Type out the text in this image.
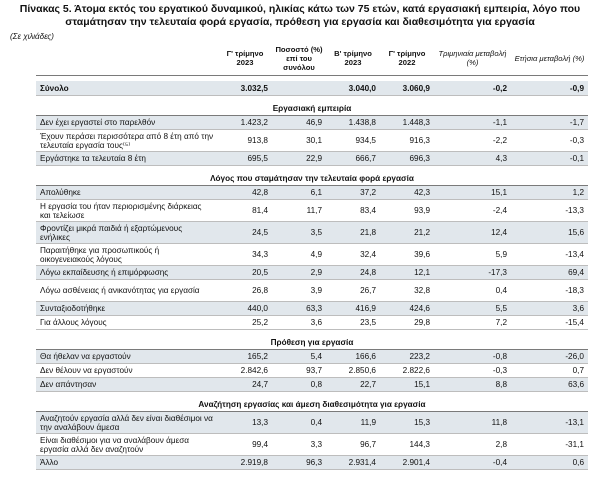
Πίνακας 5. Άτομα εκτός του εργατικού δυναμικού, ηλικίας κάτω των 75 ετών, κατά εργασιακή εμπειρία, λόγο που σταμάτησαν την τελευταία φορά εργασία, πρόθεση για εργασία και διαθεσιμότητα για εργασία
(Σε χιλιάδες)
	Γ' τρίμηνο 2023	Ποσοστό (%) επί του συνόλου	Β' τρίμηνο 2023	Γ' τρίμηνο 2022	Τριμηνιαία μεταβολή (%)	Ετήσια μεταβολή (%)

Σύνολο	3.032,5		3.040,0	3.060,9	-0,2	-0,9

Εργασιακή εμπειρία						
Δεν έχει εργαστεί στο παρελθόν	1.423,2	46,9	1.438,8	1.448,3	-1,1	-1,7
Έχουν περάσει περισσότερα από 8 έτη από την τελευταία εργασία τους⁽⁵⁾	913,8	30,1	934,5	916,3	-2,2	-0,3
Εργάστηκε τα τελευταία 8 έτη	695,5	22,9	666,7	696,3	4,3	-0,1

Λόγος που σταμάτησαν την τελευταία φορά εργασία						
Απολύθηκε	42,8	6,1	37,2	42,3	15,1	1,2
Η εργασία του ήταν περιορισμένης διάρκειας και τελείωσε	81,4	11,7	83,4	93,9	-2,4	-13,3
Φροντίζει μικρά παιδιά ή εξαρτώμενους ενήλικες	24,5	3,5	21,8	21,2	12,4	15,6
Παραιτήθηκε για προσωπικούς ή οικογενειακούς λόγους	34,3	4,9	32,4	39,6	5,9	-13,4
Λόγω εκπαίδευσης ή επιμόρφωσης	20,5	2,9	24,8	12,1	-17,3	69,4
Λόγω ασθένειας ή ανικανότητας για εργασία	26,8	3,9	26,7	32,8	0,4	-18,3
Συνταξιοδοτήθηκε	440,0	63,3	416,9	424,6	5,5	3,6
Για άλλους λόγους	25,2	3,6	23,5	29,8	7,2	-15,4

Πρόθεση για εργασία						
Θα ήθελαν να εργαστούν	165,2	5,4	166,6	223,2	-0,8	-26,0
Δεν θέλουν να εργαστούν	2.842,6	93,7	2.850,6	2.822,6	-0,3	0,7
Δεν απάντησαν	24,7	0,8	22,7	15,1	8,8	63,6

Αναζήτηση εργασίας και άμεση διαθεσιμότητα για εργασία						
Αναζητούν εργασία αλλά δεν είναι διαθέσιμοι να την αναλάβουν άμεσα	13,3	0,4	11,9	15,3	11,8	-13,1
Είναι διαθέσιμοι για να αναλάβουν άμεσα εργασία αλλά δεν αναζητούν	99,4	3,3	96,7	144,3	2,8	-31,1
Άλλο	2.919,8	96,3	2.931,4	2.901,4	-0,4	0,6
